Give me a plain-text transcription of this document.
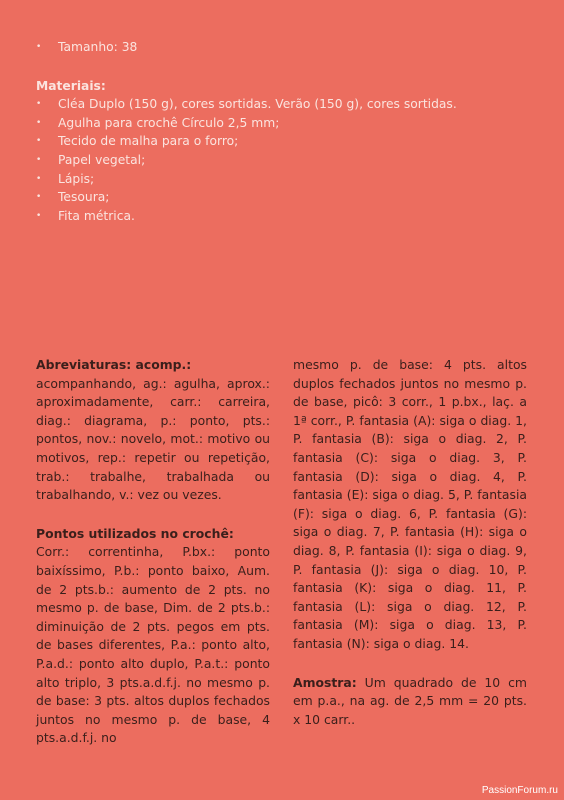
• Tamanho: 38
Materiais:
• Cléa Duplo (150 g), cores sortidas. Verão (150 g), cores sortidas.
• Agulha para crochê Círculo 2,5 mm;
• Tecido de malha para o forro;
• Papel vegetal;
• Lápis;
• Tesoura;
• Fita métrica.
Abreviaturas: acomp.:

acompanhando, ag.: agulha, aprox.: aproximadamente, carr.: carreira, diag.: diagrama, p.: ponto, pts.: pontos, nov.: novelo, mot.: motivo ou motivos, rep.: repetir ou repetição, trab.: trabalhe, trabalhada ou trabalhando, v.: vez ou vezes.

Pontos utilizados no crochê:

Corr.: correntinha, P.bx.: ponto baixíssimo, P.b.: ponto baixo, Aum. de 2 pts.b.: aumento de 2 pts. no mesmo p. de base, Dim. de 2 pts.b.: diminuição de 2 pts. pegos em pts. de bases diferentes, P.a.: ponto alto, P.a.d.: ponto alto duplo, P.a.t.: ponto alto triplo, 3 pts.a.d.f.j. no mesmo p. de base: 3 pts. altos duplos fechados juntos no mesmo p. de base, 4 pts.a.d.f.j. no

mesmo p. de base: 4 pts. altos duplos fechados juntos no mesmo p. de base, picô: 3 corr., 1 p.bx., laç. a 1ª corr., P. fantasia (A): siga o diag. 1, P. fantasia (B): siga o diag. 2, P. fantasia (C): siga o diag. 3, P. fantasia (D): siga o diag. 4, P. fantasia (E): siga o diag. 5, P. fantasia (F): siga o diag. 6, P. fantasia (G): siga o diag. 7, P. fantasia (H): siga o diag. 8, P. fantasia (I): siga o diag. 9, P. fantasia (J): siga o diag. 10, P. fantasia (K): siga o diag. 11, P. fantasia (L): siga o diag. 12, P. fantasia (M): siga o diag. 13, P. fantasia (N): siga o diag. 14.

Amostra: Um quadrado de 10 cm em p.a., na ag. de 2,5 mm = 20 pts. x 10 carr..

PassionForum.ru
